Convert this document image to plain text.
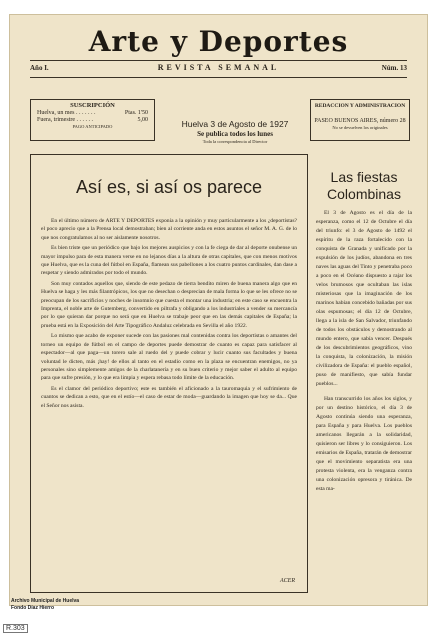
Arte y Deportes
Año I.	REVISTA SEMANAL	Núm. 13
SUSCRIPCIÓN
Huelva, un mes . . . . . . .	Ptas. 1'50
Fuera, trimestre . . . . . .	5,00
PAGO ANTICIPADO	Huelva 3 de Agosto de 1927
Se publica todos los lunes
Toda la correspondencia al Director
REDACCION Y ADMINISTRACION
PASEO BUENOS AIRES, número 28
No se devuelven los originales
Así es, si así os parece

En el último número de ARTE Y DEPORTES exponía a la opinión y muy particularmente a los ¿deportistas? el poco aprecio que a la Prensa local demostraban; bien al corriente anda en estos asuntos el señor M. A. G. de lo que nos congratulamos al no ser aislamente nosotros.

Es bien triste que un periódico que bajo los mejores auspicios y con la fe ciega de dar al deporte onubense un mayor impulso para de esta manera verse en no lejanos días a la altura de otras capitales, que con menos motivos que Huelva, que es la cuna del fútbol en España, flamean sus pabellones a los cuatro puntos cardinales, dan dase a respetar y siendo admirados por todo el mundo.

Son muy contados aquellos que, siendo de este pedazo de tierra bendito miren de buena manera algo que en Huelva se haga y les más filantrópicos, los que no desechan o desprecian de mala forma lo que se les ofrece no se preocupan de los sacrificios y noches de insomnio que cuesta el montar una industria; en este caso se encuentra la Imprenta, el noble arte de Gutemberg, convertido en piltrafa y obligando a los industriales a vender su mercancía por lo que quieran dar porque no será que en Huelva se trabaje peor que en las demás capitales de España; la prueba está en la Exposición del Arte Tipográfico Andaluz celebrada en Sevilla el año 1922.

Lo mismo que acabo de exponer sucede con las pasiones mal contenidas contra los deportistas o amantes del torneo un equipo de fútbol en el campo de deportes puede demostrar de cuanto es capaz para satisfacer al espectador—al que paga—un torero sale al ruedo del y puede cobrar y lucir cuanto sus facultades y buena voluntad le dicten, más ¡hay! de ellos al tanto en el estadio como en la plaza se encuentran enemigos, no ya personales sino simplemente amigos de la charlatanería y en su buen criterio y mejor saber el adulto al equipo para que sufre presión, y lo que era limpia y espera rebasa todo límite de la educación.

Es el clamor del periódico deportivo; este es también el aficionado a la tauromaquia y el sufrimiento de cuantos se dedican a esto, que en el estío—el caso de estar de moda—guardando la imagen que hoy se da... Que el Señor nos asista.

ACER
Las fiestas Colombinas

El 3 de Agosto es el día de la esperanza, como el 12 de Octubre el día del triunfo: el 3 de Agosto de 1492 el espíritu de la raza fortalecido con la conquista de Granada y unificado por la expulsión de los judíos, abandona en tres naves las aguas del Tinto y penetraba poco a poco en el Océano dispuesto a rajar los velos brumosos que ocultaban las islas misteriosas que la imaginación de los marinos habían concebido bañadas por sus olas espumosas; el día 12 de Octubre, llega a la isla de San Salvador, triunfando de todos los obstáculos y demostrando al mundo entero, que sabía vencer. Después de los descubrimientos geográficos, vino la conquista, la colonización, la misión civilizadora de España: el pueblo español, puso de manifiesto, que sabía fundar pueblos...

Han transcurrido los años los siglos, y por un destino histórico, el día 3 de Agosto continúa siendo una esperanza, para España y para Huelva. Los pueblos americanos llegarán a la solidaridad, quisieron ser libres y lo consiguieron. Los emisarios de España, tratarán de demostrar que el movimiento separatista era una protesta violenta, era la venganza contra una colonización opresora y tiránica. De esta ma-

Archivo Municipal de Huelva
Fondo Díaz Hierro
R.303
